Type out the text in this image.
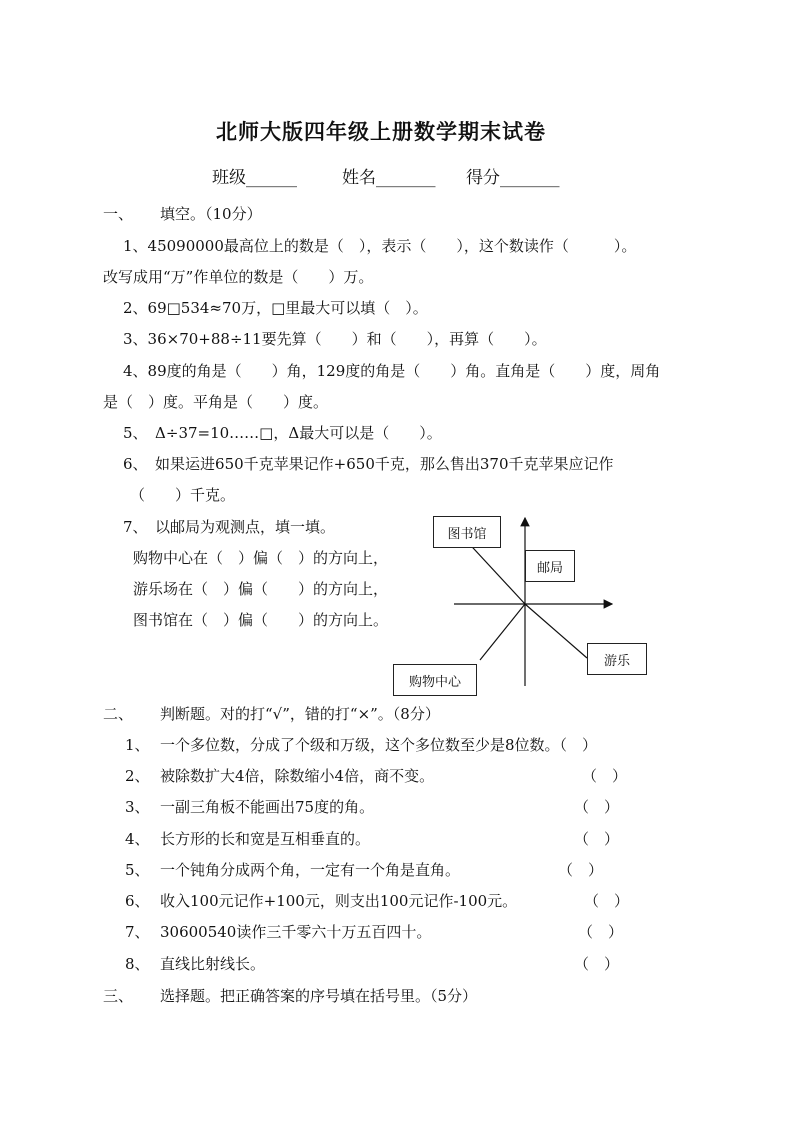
北师大版四年级上册数学期末试卷
班级______	姓名_______ 得分_______
一、 填空。（10分）
1、45090000最高位上的数是（　），表示（　　），这个数读作（　　　）。
改写成用“万”作单位的数是（　　）万。
2、69□534≈70万，□里最大可以填（　）。
3、36×70+88÷11要先算（　　）和（　　），再算（　　）。
4、89度的角是（　　）角，129度的角是（　　）角。直角是（　　）度，周角
是（　）度。平角是（　　）度。
5、　Δ÷37=10……□，Δ最大可以是（　　）。
6、　如果运进650千克苹果记作+650千克，那么售出370千克苹果应记作
（　　）千克。
7、　以邮局为观测点，填一填。
购物中心在（　）偏（　）的方向上，
游乐场在（　）偏（　　）的方向上，
图书馆在（　）偏（　　）的方向上。
图书馆
邮局
游乐
购物中心
二、 判断题。对的打“√”，错的打“×”。（8分）
1、 一个多位数，分成了个级和万级，这个多位数至少是8位数。（　）
2、 被除数扩大4倍，除数缩小4倍，商不变。	（　）
3、 一副三角板不能画出75度的角。	（　）
4、 长方形的长和宽是互相垂直的。	（　）
5、 一个钝角分成两个角，一定有一个角是直角。	（　）
6、 收入100元记作+100元，则支出100元记作-100元。	（　）
7、 30600540读作三千零六十万五百四十。	（　）
8、 直线比射线长。	（　）
三、 选择题。把正确答案的序号填在括号里。（5分）
